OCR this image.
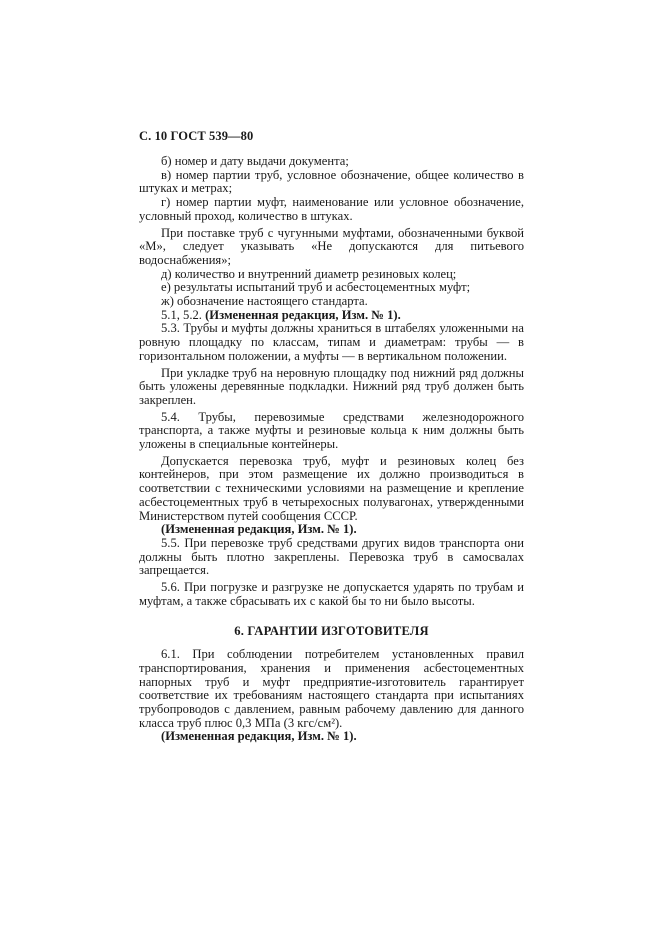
С. 10 ГОСТ 539—80

б) номер и дату выдачи документа;

в) номер партии труб, условное обозначение, общее количество в штуках и метрах;

г) номер партии муфт, наименование или условное обозначение, условный проход, количество в штуках.

При поставке труб с чугунными муфтами, обозначенными буквой «М», следует указывать «Не допускаются для питьевого водоснабжения»;

д) количество и внутренний диаметр резиновых колец;

е) результаты испытаний труб и асбестоцементных муфт;

ж) обозначение настоящего стандарта.

5.1, 5.2. (Измененная редакция, Изм. № 1).

5.3. Трубы и муфты должны храниться в штабелях уложенными на ровную площадку по классам, типам и диаметрам: трубы — в горизонтальном положении, а муфты — в вертикальном положении.

При укладке труб на неровную площадку под нижний ряд должны быть уложены деревянные подкладки. Нижний ряд труб должен быть закреплен.

5.4. Трубы, перевозимые средствами железнодорожного транспорта, а также муфты и резиновые кольца к ним должны быть уложены в специальные контейнеры.

Допускается перевозка труб, муфт и резиновых колец без контейнеров, при этом размещение их должно производиться в соответствии с техническими условиями на размещение и крепление асбестоцементных труб в четырехосных полувагонах, утвержденными Министерством путей сообщения СССР.

(Измененная редакция, Изм. № 1).

5.5. При перевозке труб средствами других видов транспорта они должны быть плотно закреплены. Перевозка труб в самосвалах запрещается.

5.6. При погрузке и разгрузке не допускается ударять по трубам и муфтам, а также сбрасывать их с какой бы то ни было высоты.

6. ГАРАНТИИ ИЗГОТОВИТЕЛЯ

6.1. При соблюдении потребителем установленных правил транспортирования, хранения и применения асбестоцементных напорных труб и муфт предприятие-изготовитель гарантирует соответствие их требованиям настоящего стандарта при испытаниях трубопроводов с давлением, равным рабочему давлению для данного класса труб плюс 0,3 МПа (3 кгс/см²).

(Измененная редакция, Изм. № 1).
